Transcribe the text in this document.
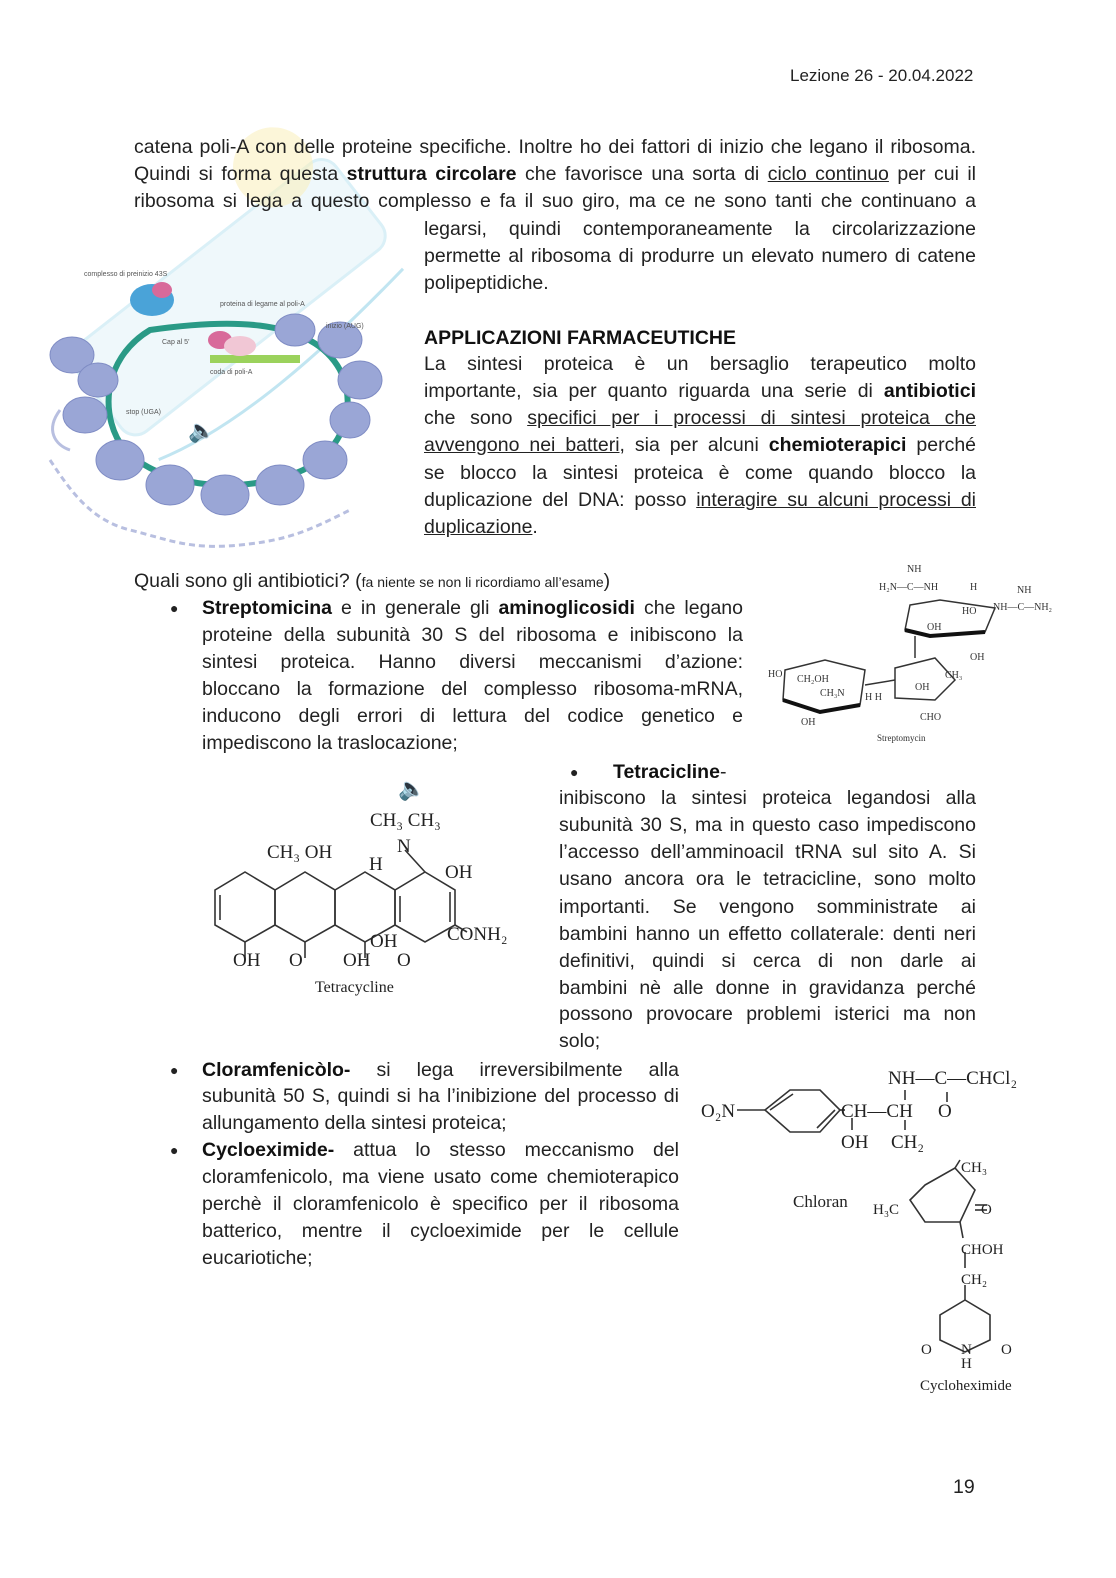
Lezione 26 - 20.04.2022
catena poli-A con delle proteine specifiche. Inoltre ho dei fattori di inizio che legano il ribosoma.
Quindi si forma questa struttura circolare che favorisce una sorta di ciclo continuo per cui il
ribosoma si lega a questo complesso e fa il suo giro, ma ce ne sono tanti che continuano a
legarsi, quindi contemporaneamente la circolarizzazione
permette al ribosoma di produrre un elevato numero di catene
polipeptidiche.
complesso di preinizio 43S
proteina di legame al poli-A
inizio (AUG)
Cap al 5'
coda di poli-A
stop (UGA)
🔈
🔈
APPLICAZIONI FARMACEUTICHE
La sintesi proteica è un bersaglio terapeutico molto
importante, sia per quanto riguarda una serie di antibiotici
che sono specifici per i processi di sintesi proteica che
avvengono nei batteri, sia per alcuni chemioterapici perché
se blocco la sintesi proteica è come quando blocco la
duplicazione del DNA: posso interagire su alcuni processi di
duplicazione.
Quali sono gli antibiotici? (fa niente se non li ricordiamo all’esame)
● Streptomicina e in generale gli aminoglicosidi che legano
proteine della subunità 30 S del ribosoma e inibiscono la
sintesi proteica. Hanno diversi meccanismi d’azione:
bloccano la formazione del complesso ribosoma-mRNA,
inducono degli errori di lettura del codice genetico e
impediscono la traslocazione;
NH
H₂N—C—NH	H	NH
NH—C—NH₂
HO
OH
OH
HO CH₂OH
CH₃N
CH₃
OH
H H
OH	CHO
Streptomycin
CH₃ CH₃
N
CH₃ OH
H	OH
CONH₂
OH
OH O OH O
Tetracycline
● Tetracicline-
inibiscono la sintesi proteica legandosi alla
subunità 30 S, ma in questo caso impediscono
l’accesso dell’amminoacil tRNA sul sito A. Si
usano ancora ora le tetracicline, sono molto
importanti. Se vengono somministrate ai
bambini hanno un effetto collaterale: denti neri
definitivi, quindi si cerca di non darle ai
bambini nè alle donne in gravidanza perché
possono provocare problemi isterici ma non
solo;
● Cloramfenicòlo- si lega irreversibilmente alla
subunità 50 S, quindi si ha l’inibizione del processo di
allungamento della sintesi proteica;
● Cycloeximide- attua lo stesso meccanismo del
cloramfenicolo, ma viene usato come chemioterapico
perchè il cloramfenicolo è specifico per il ribosoma
batterico, mentre il cycloeximide per le cellule
eucariotiche;
NH—C—CHCl₂
O₂N	CH—CH O
OH CH₂
Chloran
CH₃
H₃C	O
CHOH
CH₂
O	O
N
H
Cycloheximide
19
